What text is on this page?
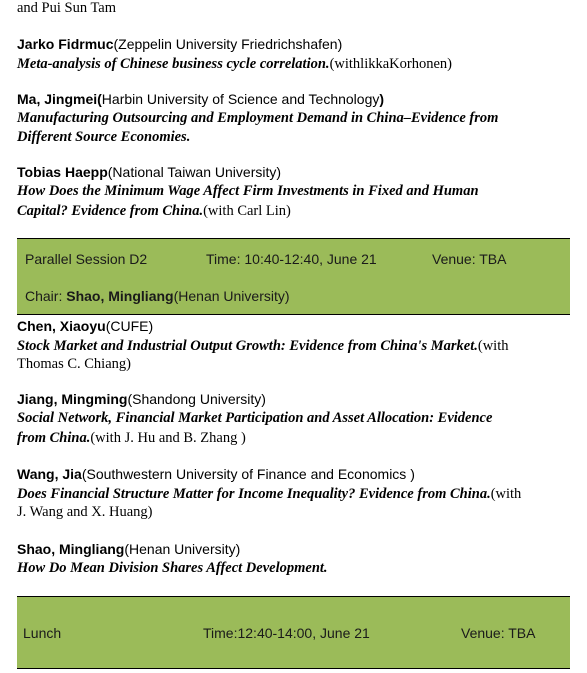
and Pui Sun Tam
Jarko Fidrmuc(Zeppelin University Friedrichshafen)
Meta-analysis of Chinese business cycle correlation.(withlikkaKorhonen)
Ma, Jingmei(Harbin University of Science and Technology)
Manufacturing Outsourcing and Employment Demand in China–Evidence from
Different Source Economies.
Tobias Haepp(National Taiwan University)
How Does the Minimum Wage Affect Firm Investments in Fixed and Human
Capital? Evidence from China.(with Carl Lin)
Parallel Session D2	Time: 10:40-12:40, June 21	Venue: TBA
Chair: Shao, Mingliang(Henan University)
Chen, Xiaoyu(CUFE)
Stock Market and Industrial Output Growth: Evidence from China's Market.(with
Thomas C. Chiang)
Jiang, Mingming(Shandong University)
Social Network, Financial Market Participation and Asset Allocation: Evidence
from China.(with J. Hu and B. Zhang )
Wang, Jia(Southwestern University of Finance and Economics )
Does Financial Structure Matter for Income Inequality? Evidence from China.(with
J. Wang and X. Huang)
Shao, Mingliang(Henan University)
How Do Mean Division Shares Affect Development.
Lunch	Time:12:40-14:00, June 21	Venue: TBA
